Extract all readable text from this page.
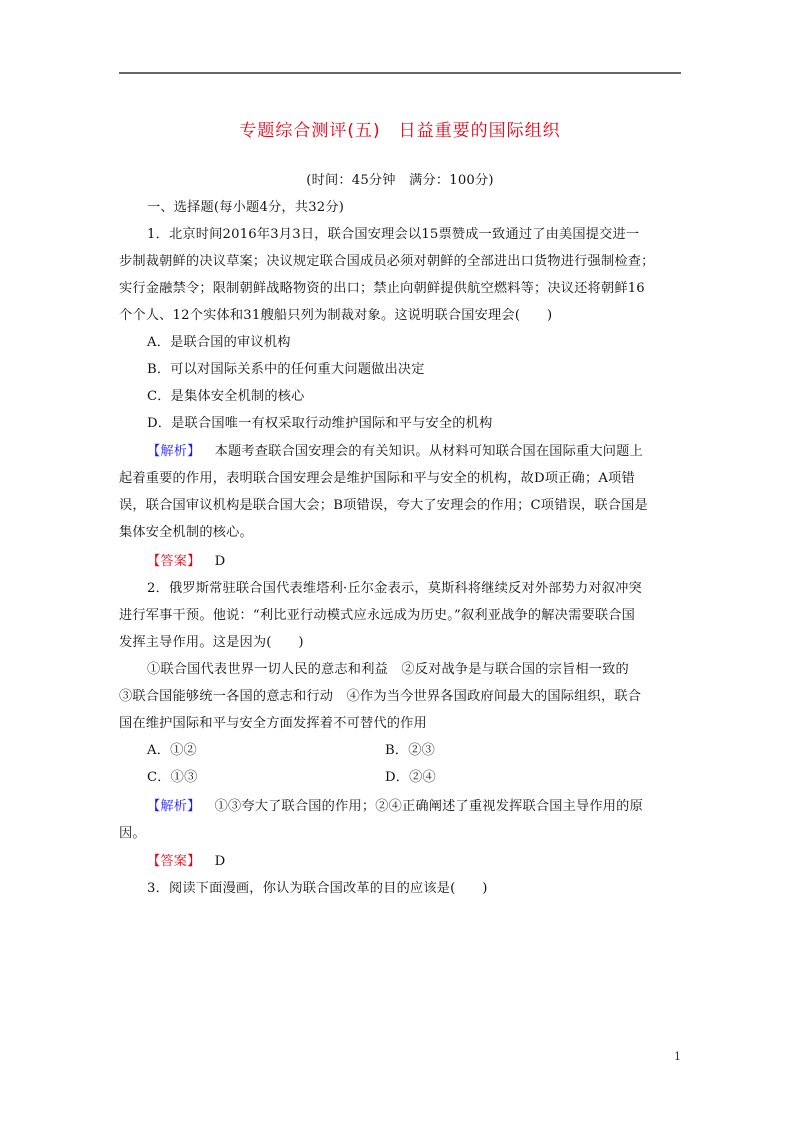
专题综合测评(五) 日益重要的国际组织
(时间：45分钟　满分：100分)
一、选择题(每小题4分，共32分)
1．北京时间2016年3月3日，联合国安理会以15票赞成一致通过了由美国提交进一
步制裁朝鲜的决议草案；决议规定联合国成员必须对朝鲜的全部进出口货物进行强制检查；
实行金融禁令；限制朝鲜战略物资的出口；禁止向朝鲜提供航空燃料等；决议还将朝鲜16
个个人、12个实体和31艘船只列为制裁对象。这说明联合国安理会(　　)
A．是联合国的审议机构
B．可以对国际关系中的任何重大问题做出决定
C．是集体安全机制的核心
D．是联合国唯一有权采取行动维护国际和平与安全的机构
【解析】 本题考查联合国安理会的有关知识。从材料可知联合国在国际重大问题上
起着重要的作用，表明联合国安理会是维护国际和平与安全的机构，故D项正确；A项错
误，联合国审议机构是联合国大会；B项错误，夸大了安理会的作用；C项错误，联合国是
集体安全机制的核心。
【答案】 D
2．俄罗斯常驻联合国代表维塔利·丘尔金表示，莫斯科将继续反对外部势力对叙冲突
进行军事干预。他说：“利比亚行动模式应永远成为历史。”叙利亚战争的解决需要联合国
发挥主导作用。这是因为(　　)
①联合国代表世界一切人民的意志和利益　②反对战争是与联合国的宗旨相一致的
③联合国能够统一各国的意志和行动　④作为当今世界各国政府间最大的国际组织，联合
国在维护国际和平与安全方面发挥着不可替代的作用
A．①②	B．②③
C．①③	D．②④
【解析】 ①③夸大了联合国的作用；②④正确阐述了重视发挥联合国主导作用的原
因。
【答案】 D
3．阅读下面漫画，你认为联合国改革的目的应该是(　　)
1
